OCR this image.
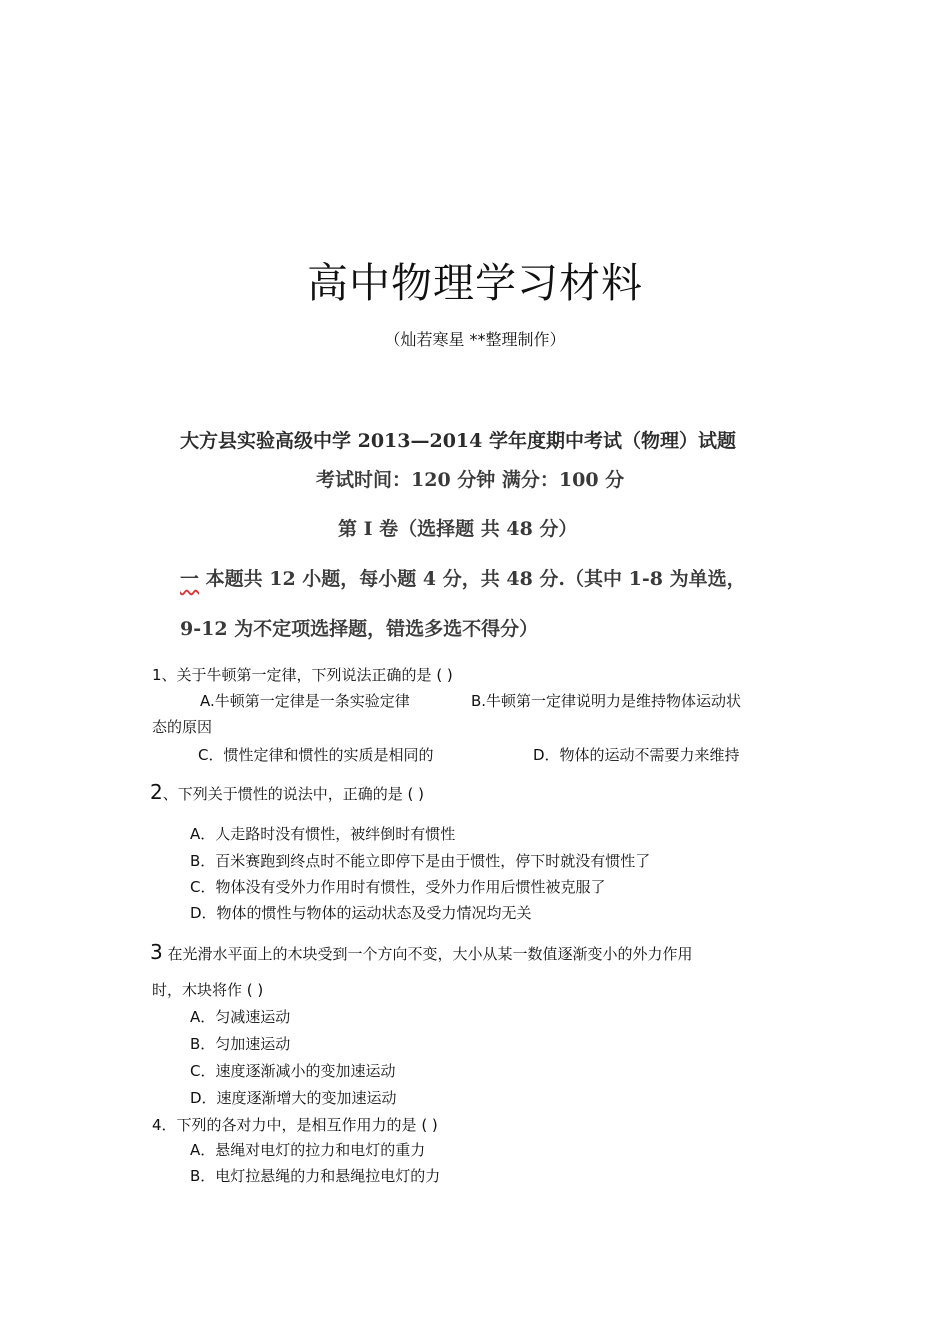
高中物理学习材料
（灿若寒星 **整理制作）
大方县实验高级中学 2013—2014 学年度期中考试（物理）试题
考试时间：120 分钟 满分：100 分
第 I 卷（选择题 共 48 分）
一 本题共 12 小题，每小题 4 分，共 48 分.（其中 1-8 为单选，
9-12 为不定项选择题，错选多选不得分）
1、关于牛顿第一定律，下列说法正确的是 ( )
A.牛顿第一定律是一条实验定律	B.牛顿第一定律说明力是维持物体运动状
态的原因
C．惯性定律和惯性的实质是相同的	D．物体的运动不需要力来维持
2、下列关于惯性的说法中，正确的是 ( )
A．人走路时没有惯性，被绊倒时有惯性
B．百米赛跑到终点时不能立即停下是由于惯性，停下时就没有惯性了
C．物体没有受外力作用时有惯性，受外力作用后惯性被克服了
D．物体的惯性与物体的运动状态及受力情况均无关
3 在光滑水平面上的木块受到一个方向不变，大小从某一数值逐渐变小的外力作用
时，木块将作 ( )
A．匀减速运动
B．匀加速运动
C．速度逐渐减小的变加速运动
D．速度逐渐增大的变加速运动
4．下列的各对力中，是相互作用力的是 ( )
A．悬绳对电灯的拉力和电灯的重力
B．电灯拉悬绳的力和悬绳拉电灯的力
